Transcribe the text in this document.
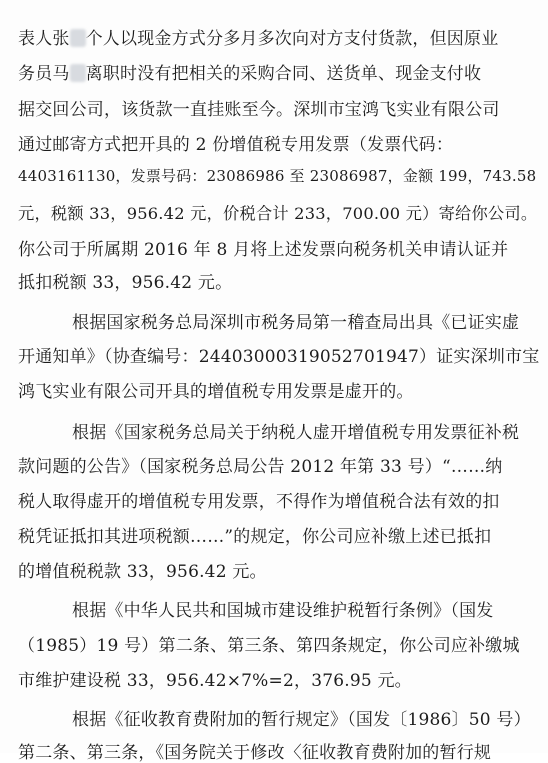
表人张 个人以现金方式分多月多次向对方支付货款，但因原业
务员马 离职时没有把相关的采购合同、送货单、现金支付收
据交回公司，该货款一直挂账至今。深圳市宝鸿飞实业有限公司
通过邮寄方式把开具的 2 份增值税专用发票（发票代码：
4403161130，发票号码：23086986 至 23086987，金额 199，743.58
元，税额 33，956.42 元，价税合计 233，700.00 元）寄给你公司。
你公司于所属期 2016 年 8 月将上述发票向税务机关申请认证并
抵扣税额 33，956.42 元。
根据国家税务总局深圳市税务局第一稽查局出具《已证实虚
开通知单》（协查编号：24403000319052701947）证实深圳市宝
鸿飞实业有限公司开具的增值税专用发票是虚开的。
根据《国家税务总局关于纳税人虚开增值税专用发票征补税
款问题的公告》（国家税务总局公告 2012 年第 33 号）“……纳
税人取得虚开的增值税专用发票，不得作为增值税合法有效的扣
税凭证抵扣其进项税额……”的规定，你公司应补缴上述已抵扣
的增值税税款 33，956.42 元。
根据《中华人民共和国城市建设维护税暂行条例》（国发
（1985）19 号）第二条、第三条、第四条规定，你公司应补缴城
市维护建设税 33，956.42×7%=2，376.95 元。
根据《征收教育费附加的暂行规定》（国发〔1986〕50 号）
第二条、第三条，《国务院关于修改〈征收教育费附加的暂行规
